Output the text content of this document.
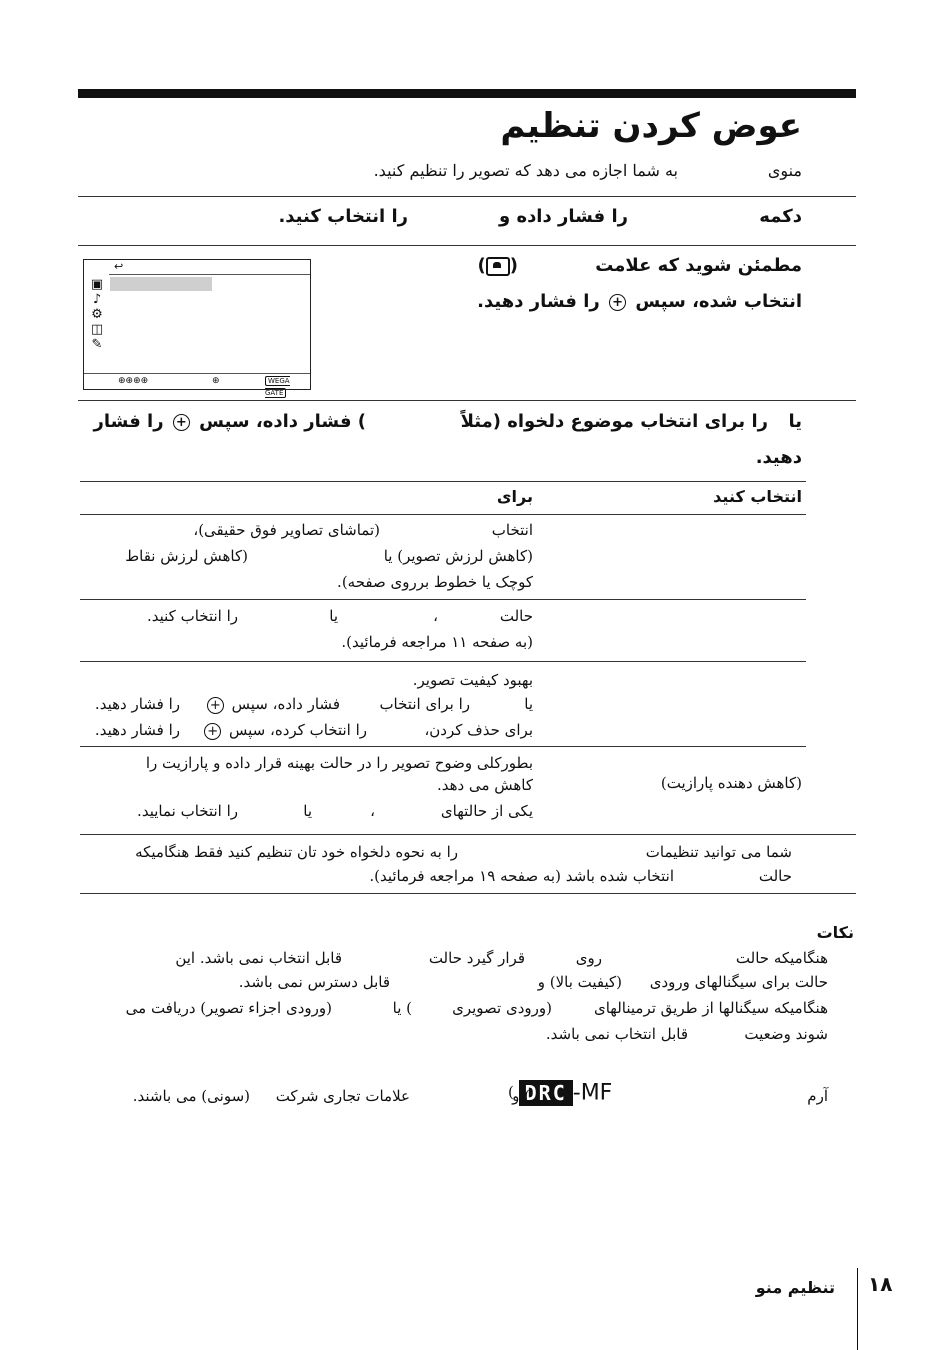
عوض کردن تنظیم
منوی
به شما اجازه می دهد که تصویر را تنظیم کنید.
دکمه
را فشار داده و
را انتخاب کنید.
مطمئن شوید که علامت
()
انتخاب شده، سپس + را فشار دهید.
↩
▣
♪
⚙
◫
✎
⊕⊕⊕⊕	⊕	WEGA GATE
یا
را برای انتخاب موضوع دلخواه (مثلاً
) فشار داده، سپس + را فشار
دهید.
انتخاب کنید
برای
انتخاب
(تماشای تصاویر فوق حقیقی)،
(کاهش لرزش تصویر) یا
(کاهش لرزش نقاط
کوچک یا خطوط برروی صفحه).
حالت
،
یا
را انتخاب کنید.
(به صفحه ۱۱ مراجعه فرمائید).
بهبود کیفیت تصویر.
یا
را برای انتخاب
فشار داده، سپس +
را فشار دهید.
برای حذف کردن،
را انتخاب کرده، سپس +
را فشار دهید.
(کاهش دهنده پارازیت)
بطورکلی وضوح تصویر را در حالت بهینه قرار داده و پارازیت را
کاهش می دهد.
یکی از حالتهای
،
یا
را انتخاب نمایید.
شما می توانید تنظیمات
را به نحوه دلخواه خود تان تنظیم کنید فقط هنگامیکه
حالت
انتخاب شده باشد (به صفحه ۱۹ مراجعه فرمائید).
نکات
هنگامیکه حالت
روی
قرار گیرد حالت
قابل انتخاب نمی باشد. این
حالت برای سیگنالهای ورودی
(کیفیت بالا) و
قابل دسترس نمی باشد.
هنگامیکه سیگنالها از طریق ترمینالهای
(ورودی تصویری
) یا
(ورودی اجزاء تصویر) دریافت می
شوند وضعیت
قابل انتخاب نمی باشد.
آرم
( DRC -MF
) و
علامات تجاری شرکت
(سونی) می باشند.
تنظیم منو ۱۸
